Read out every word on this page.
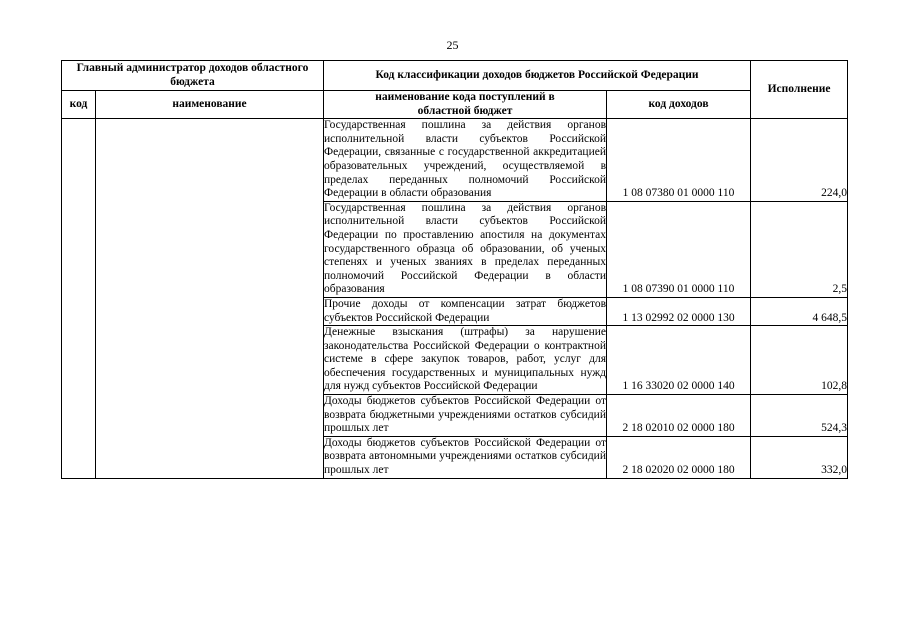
25
Главный администратор доходов областного бюджета		Код классификации доходов бюджетов Российской Федерации		Исполнение
код	наименование	наименование кода поступлений в областной бюджет	код доходов	
		Государственная пошлина за действия органов исполнительной власти субъектов Российской Федерации, связанные с государственной аккредитацией образовательных учреждений, осуществляемой в пределах переданных полномочий Российской Федерации в области образования	1 08 07380 01 0000 110	224,0
		Государственная пошлина за действия органов исполнительной власти субъектов Российской Федерации по проставлению апостиля на документах государственного образца об образовании, об ученых степенях и ученых званиях в пределах переданных полномочий Российской Федерации в области образования	1 08 07390 01 0000 110	2,5
		Прочие доходы от компенсации затрат бюджетов субъектов Российской Федерации	1 13 02992 02 0000 130	4 648,5
		Денежные взыскания (штрафы) за нарушение законодательства Российской Федерации о контрактной системе в сфере закупок товаров, работ, услуг для обеспечения государственных и муниципальных нужд для нужд субъектов Российской Федерации	1 16 33020 02 0000 140	102,8
		Доходы бюджетов субъектов Российской Федерации от возврата бюджетными учреждениями остатков субсидий прошлых лет	2 18 02010 02 0000 180	524,3
		Доходы бюджетов субъектов Российской Федерации от возврата автономными учреждениями остатков субсидий прошлых лет	2 18 02020 02 0000 180	332,0
